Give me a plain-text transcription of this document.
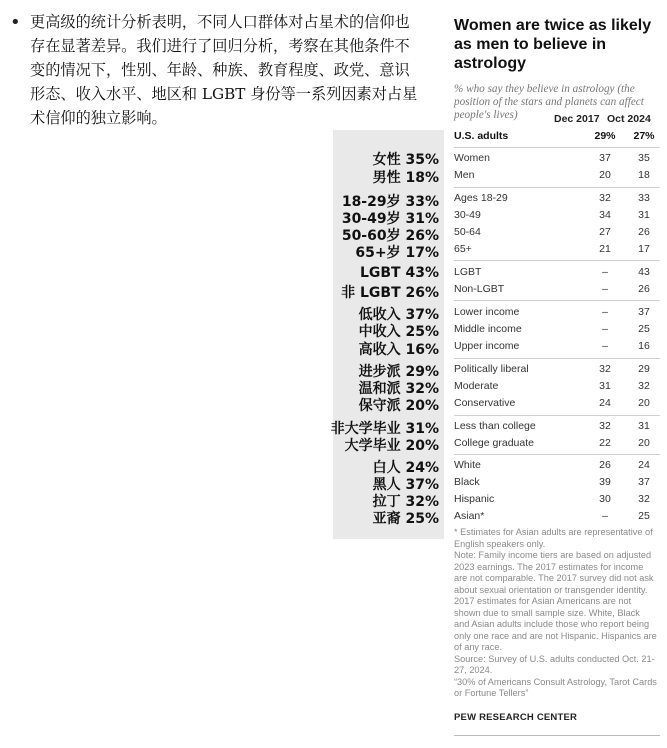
• 更高级的统计分析表明，不同人口群体对占星术的信仰也存在显著差异。我们进行了回归分析，考察在其他条件不变的情况下，性别、年龄、种族、教育程度、政党、意识形态、收入水平、地区和 LGBT 身份等一系列因素对占星术信仰的独立影响。
女性 35%
男性 18%
18-29岁 33%
30-49岁 31%
50-60岁 26%
65+岁 17%
LGBT 43%
非 LGBT 26%
低收入 37%
中收入 25%
高收入 16%
进步派 29%
温和派 32%
保守派 20%
非大学毕业 31%
大学毕业 20%
白人 24%
黑人 37%
拉丁 32%
亚裔 25%
Women are twice as likely as men to believe in astrology
% who say they believe in astrology (the position of the stars and planets can affect people's lives)	Dec 2017 Oct 2024
U.S. adults	29%	27%
Women	37	35
Men	20	18
Ages 18-29	32	33
30-49	34	31
50-64	27	26
65+	21	17
LGBT	–	43
Non-LGBT	–	26
Lower income	–	37
Middle income	–	25
Upper income	–	16
Politically liberal	32	29
Moderate	31	32
Conservative	24	20
Less than college	32	31
College graduate	22	20
White	26	24
Black	39	37
Hispanic	30	32
Asian*	–	25

* Estimates for Asian adults are representative of English speakers only.

Note: Family income tiers are based on adjusted 2023 earnings. The 2017 estimates for income are not comparable. The 2017 survey did not ask about sexual orientation or transgender identity. 2017 estimates for Asian Americans are not shown due to small sample size. White, Black and Asian adults include those who report being only one race and are not Hispanic. Hispanics are of any race.

Source: Survey of U.S. adults conducted Oct. 21-27, 2024.

“30% of Americans Consult Astrology, Tarot Cards or Fortune Tellers”

PEW RESEARCH CENTER
